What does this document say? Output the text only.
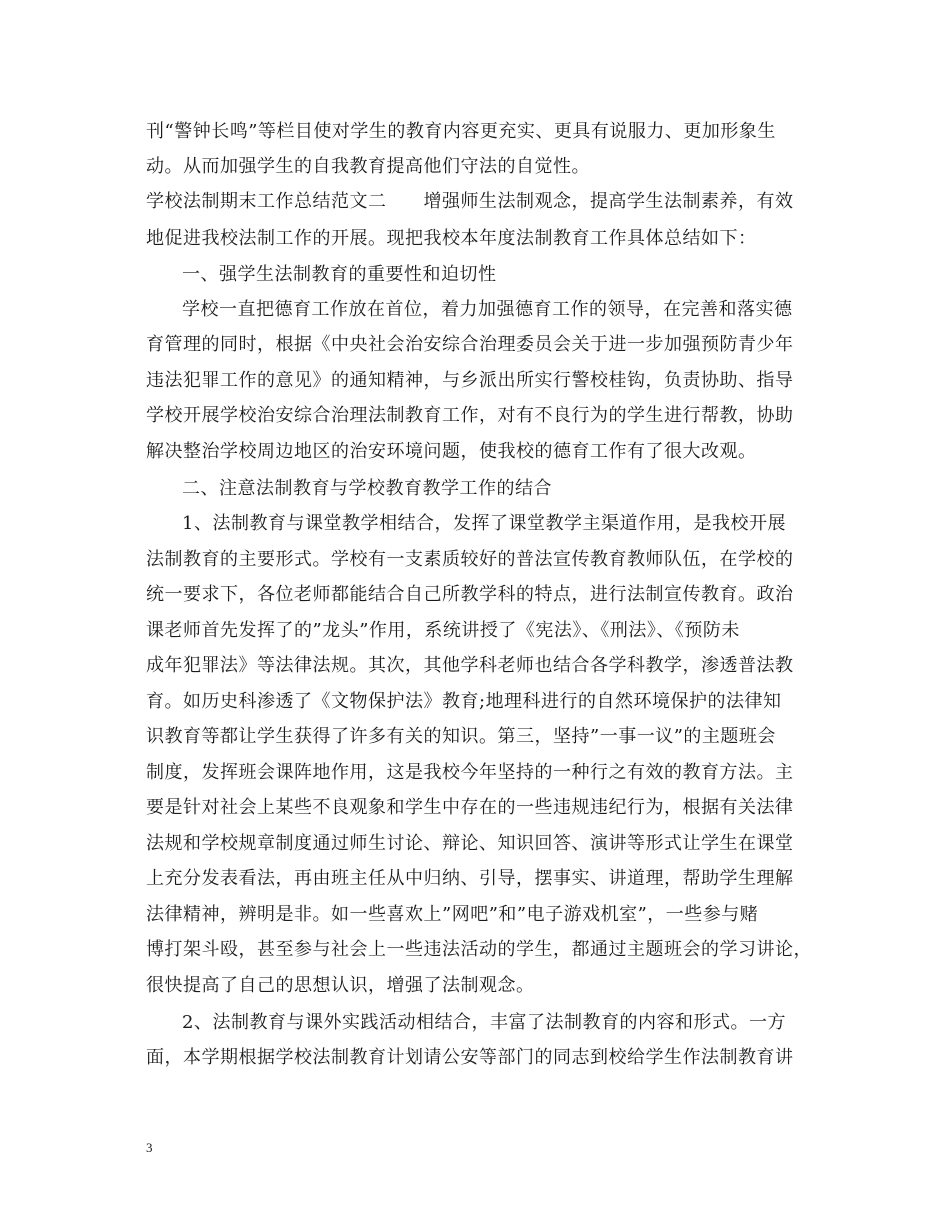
刊“警钟长鸣”等栏目使对学生的教育内容更充实、更具有说服力、更加形象生
动。从而加强学生的自我教育提高他们守法的自觉性。
学校法制期末工作总结范文二　　增强师生法制观念，提高学生法制素养，有效
地促进我校法制工作的开展。现把我校本年度法制教育工作具体总结如下：
一、强学生法制教育的重要性和迫切性
学校一直把德育工作放在首位，着力加强德育工作的领导，在完善和落实德
育管理的同时，根据《中央社会治安综合治理委员会关于进一步加强预防青少年
违法犯罪工作的意见》的通知精神，与乡派出所实行警校桂钩，负责协助、指导
学校开展学校治安综合治理法制教育工作，对有不良行为的学生进行帮教，协助
解决整治学校周边地区的治安环境问题，使我校的德育工作有了很大改观。
二、注意法制教育与学校教育教学工作的结合
1、法制教育与课堂教学相结合，发挥了课堂教学主渠道作用，是我校开展
法制教育的主要形式。学校有一支素质较好的普法宣传教育教师队伍，在学校的
统一要求下，各位老师都能结合自己所教学科的特点，进行法制宣传教育。政治
课老师首先发挥了的”龙头”作用，系统讲授了《宪法》、《刑法》、《预防未
成年犯罪法》等法律法规。其次，其他学科老师也结合各学科教学，渗透普法教
育。如历史科渗透了《文物保护法》教育;地理科进行的自然环境保护的法律知
识教育等都让学生获得了许多有关的知识。第三，坚持”一事一议”的主题班会
制度，发挥班会课阵地作用，这是我校今年坚持的一种行之有效的教育方法。主
要是针对社会上某些不良观象和学生中存在的一些违规违纪行为，根据有关法律
法规和学校规章制度通过师生讨论、辩论、知识回答、演讲等形式让学生在课堂
上充分发表看法，再由班主任从中归纳、引导，摆事实、讲道理，帮助学生理解
法律精神，辨明是非。如一些喜欢上”网吧”和”电子游戏机室”，一些参与赌
博打架斗殴，甚至参与社会上一些违法活动的学生，都通过主题班会的学习讲论，
很快提高了自己的思想认识，增强了法制观念。
2、法制教育与课外实践活动相结合，丰富了法制教育的内容和形式。一方
面，本学期根据学校法制教育计划请公安等部门的同志到校给学生作法制教育讲
3
